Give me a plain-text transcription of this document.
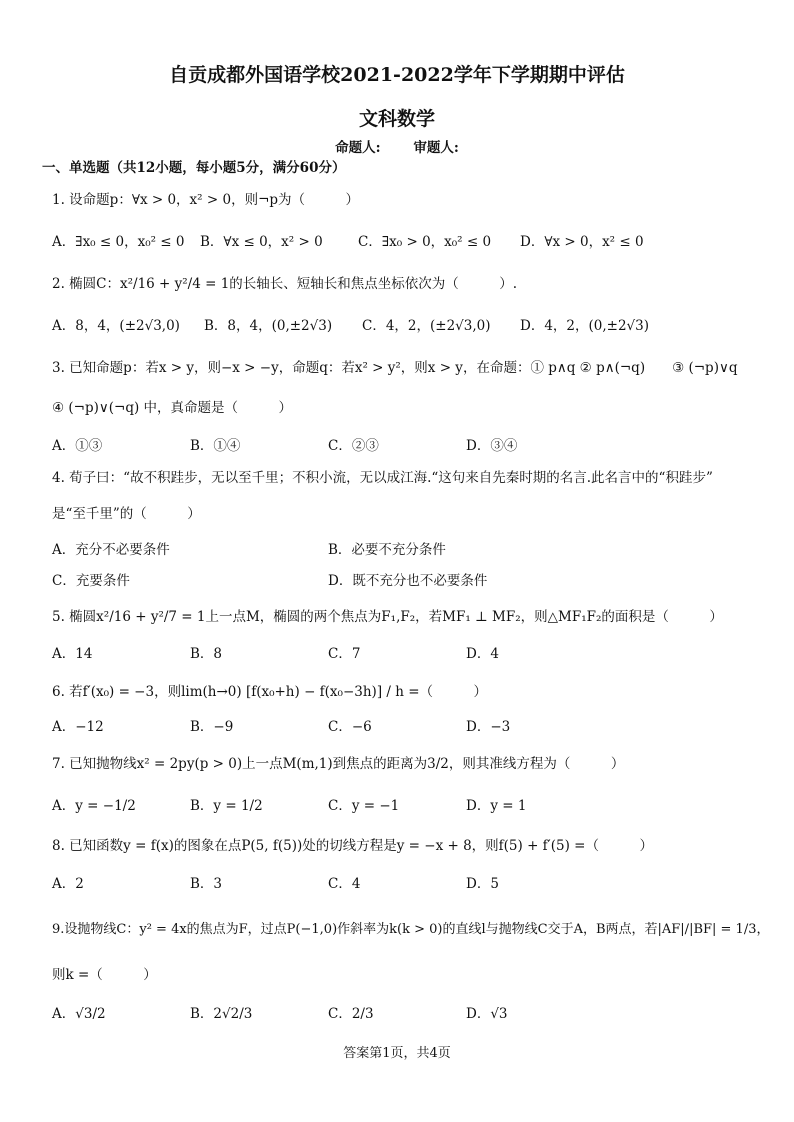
自贡成都外国语学校2021-2022学年下学期期中评估
文科数学
命题人: 审题人:
一、单选题（共12小题，每小题5分，满分60分）
1. 设命题p：∀x > 0，x² > 0，则¬p为（　　　）
A．∃x₀ ≤ 0，x₀² ≤ 0 B．∀x ≤ 0，x² > 0	C．∃x₀ > 0，x₀² ≤ 0 D．∀x > 0，x² ≤ 0
2. 椭圆C：x²/16 + y²/4 = 1的长轴长、短轴长和焦点坐标依次为（　　　）.
A．8，4，(±2√3,0) B．8，4，(0,±2√3) C．4，2，(±2√3,0) D．4，2，(0,±2√3)
3. 已知命题p：若x > y，则−x > −y，命题q：若x² > y²，则x > y，在命题：① p∧q ② p∧(¬q)　　③ (¬p)∨q
④ (¬p)∨(¬q) 中，真命题是（　　　）
A．①③	B．①④	C．②③	D．③④
4. 荀子曰：“故不积跬步，无以至千里；不积小流，无以成江海.“这句来自先秦时期的名言.此名言中的“积跬步”
是“至千里”的（　　　）
A．充分不必要条件	B．必要不充分条件
C．充要条件	D．既不充分也不必要条件
5. 椭圆x²/16 + y²/7 = 1上一点M，椭圆的两个焦点为F₁,F₂，若MF₁ ⊥ MF₂，则△MF₁F₂的面积是（　　　）
A．14	B．8	C．7	D．4
6. 若f′(x₀) = −3，则lim(h→0) [f(x₀+h) − f(x₀−3h)] / h =（　　　）
A．−12	B．−9	C．−6	D．−3
7. 已知抛物线x² = 2py(p > 0)上一点M(m,1)到焦点的距离为3/2，则其准线方程为（　　　）
A．y = −1/2	B．y = 1/2	C．y = −1	D．y = 1
8. 已知函数y = f(x)的图象在点P(5, f(5))处的切线方程是y = −x + 8，则f(5) + f′(5) =（　　　）
A．2	B．3	C．4	D．5
9.设抛物线C：y² = 4x的焦点为F，过点P(−1,0)作斜率为k(k > 0)的直线l与抛物线C交于A，B两点，若|AF|/|BF| = 1/3，
则k =（　　　）
A．√3/2	B．2√2/3	C．2/3	D．√3
答案第1页，共4页
